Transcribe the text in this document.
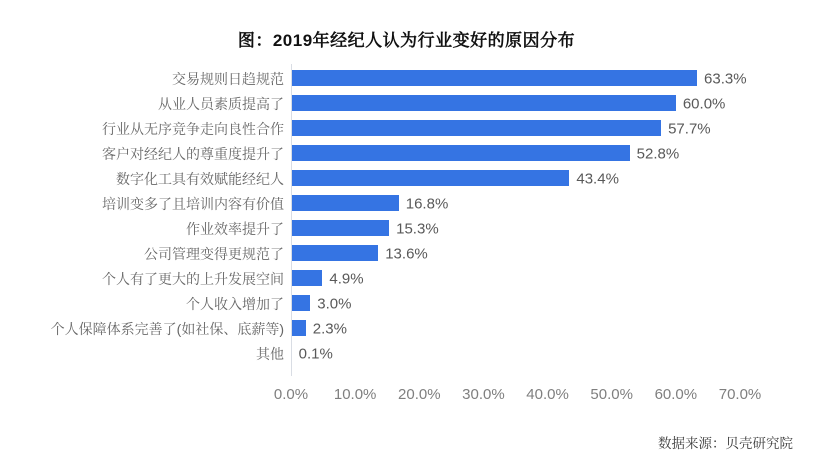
图：2019年经纪人认为行业变好的原因分布
交易规则日趋规范	63.3%
从业人员素质提高了	60.0%
行业从无序竞争走向良性合作	57.7%
客户对经纪人的尊重度提升了	52.8%
数字化工具有效赋能经纪人	43.4%
培训变多了且培训内容有价值	16.8%
作业效率提升了	15.3%
公司管理变得更规范了	13.6%
个人有了更大的上升发展空间	4.9%
个人收入增加了	3.0%
个人保障体系完善了(如社保、底薪等)	2.3%
其他 0.1%
0.0% 10.0% 20.0% 30.0% 40.0% 50.0% 60.0% 70.0%
数据来源：贝壳研究院
